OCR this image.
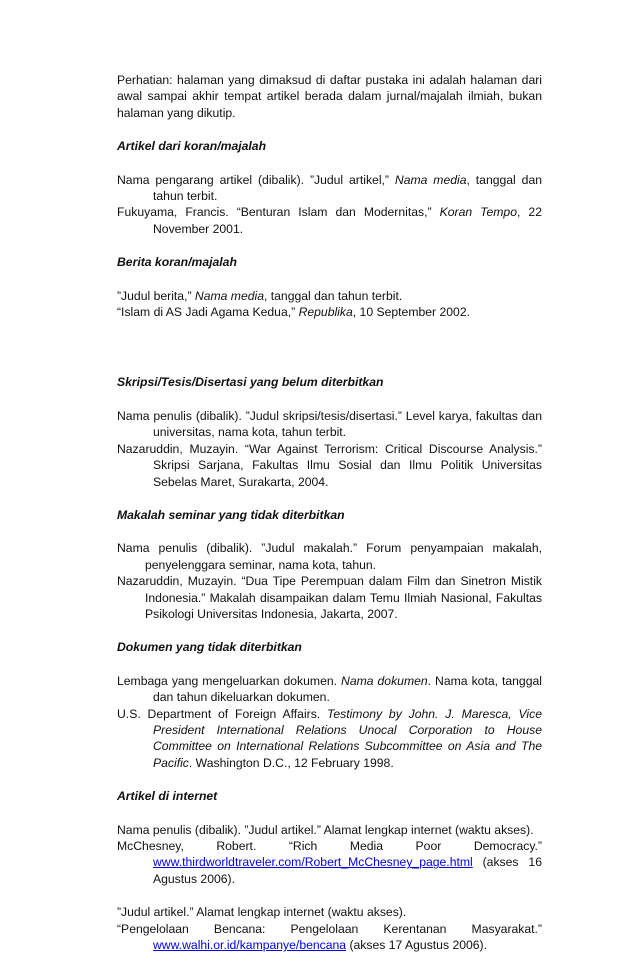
Perhatian: halaman yang dimaksud di daftar pustaka ini adalah halaman dari awal sampai akhir tempat artikel berada dalam jurnal/majalah ilmiah, bukan halaman yang dikutip.

Artikel dari koran/majalah

Nama pengarang artikel (dibalik). ”Judul artikel,” Nama media, tanggal dan tahun terbit.

Fukuyama, Francis. “Benturan Islam dan Modernitas,” Koran Tempo, 22 November 2001.

Berita koran/majalah

”Judul berita,” Nama media, tanggal dan tahun terbit.

“Islam di AS Jadi Agama Kedua,” Republika, 10 September 2002.

Skripsi/Tesis/Disertasi yang belum diterbitkan

Nama penulis (dibalik). ”Judul skripsi/tesis/disertasi.” Level karya, fakultas dan universitas, nama kota, tahun terbit.

Nazaruddin, Muzayin. “War Against Terrorism: Critical Discourse Analysis.” Skripsi Sarjana, Fakultas Ilmu Sosial dan Ilmu Politik Universitas Sebelas Maret, Surakarta, 2004.

Makalah seminar yang tidak diterbitkan

Nama penulis (dibalik). ”Judul makalah.” Forum penyampaian makalah, penyelenggara seminar, nama kota, tahun.

Nazaruddin, Muzayin. “Dua Tipe Perempuan dalam Film dan Sinetron Mistik Indonesia.” Makalah disampaikan dalam Temu Ilmiah Nasional, Fakultas Psikologi Universitas Indonesia, Jakarta, 2007.

Dokumen yang tidak diterbitkan

Lembaga yang mengeluarkan dokumen. Nama dokumen. Nama kota, tanggal dan tahun dikeluarkan dokumen.

U.S. Department of Foreign Affairs. Testimony by John. J. Maresca, Vice President International Relations Unocal Corporation to House Committee on International Relations Subcommittee on Asia and The Pacific. Washington D.C., 12 February 1998.

Artikel di internet

Nama penulis (dibalik). ”Judul artikel.” Alamat lengkap internet (waktu akses).

McChesney, Robert. “Rich Media Poor Democracy.” www.thirdworldtraveler.com/Robert_McChesney_page.html (akses 16 Agustus 2006).

”Judul artikel.” Alamat lengkap internet (waktu akses).

“Pengelolaan Bencana: Pengelolaan Kerentanan Masyarakat.” www.walhi.or.id/kampanye/bencana (akses 17 Agustus 2006).
